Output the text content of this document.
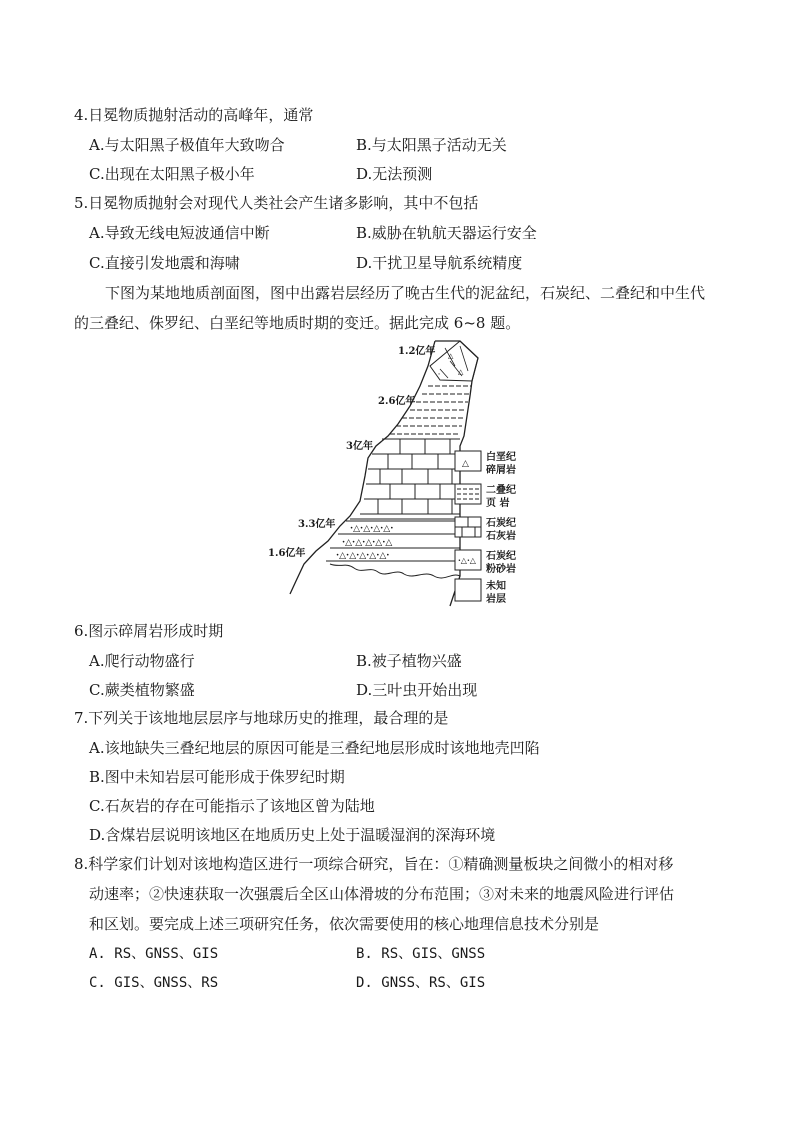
4.日冕物质抛射活动的高峰年，通常
A.与太阳黑子极值年大致吻合	B.与太阳黑子活动无关
C.出现在太阳黑子极小年	D.无法预测
5.日冕物质抛射会对现代人类社会产生诸多影响，其中不包括
A.导致无线电短波通信中断	B.威胁在轨航天器运行安全
C.直接引发地震和海啸	D.干扰卫星导航系统精度
下图为某地地质剖面图，图中出露岩层经历了晚古生代的泥盆纪，石炭纪、二叠纪和中生代
的三叠纪、侏罗纪、白垩纪等地质时期的变迁。据此完成 6~8 题。
△
△
·
·△·△·△·△·
·△·△·△·△·△
·△·△·△·△·△·
1.2亿年
2.6亿年
3亿年
3.3亿年
1.6亿年
△
白垩纪
碎屑岩
二叠纪
页 岩
石炭纪
石灰岩
·△·△ 石炭纪
粉砂岩
未知
岩层
6.图示碎屑岩形成时期
A.爬行动物盛行	B.被子植物兴盛
C.蕨类植物繁盛	D.三叶虫开始出现
7.下列关于该地地层层序与地球历史的推理，最合理的是
A.该地缺失三叠纪地层的原因可能是三叠纪地层形成时该地地壳凹陷
B.图中未知岩层可能形成于侏罗纪时期
C.石灰岩的存在可能指示了该地区曾为陆地
D.含煤岩层说明该地区在地质历史上处于温暖湿润的深海环境
8.科学家们计划对该地构造区进行一项综合研究，旨在：①精确测量板块之间微小的相对移
动速率；②快速获取一次强震后全区山体滑坡的分布范围；③对未来的地震风险进行评估
和区划。要完成上述三项研究任务，依次需要使用的核心地理信息技术分别是
A. RS、GNSS、GIS	B. RS、GIS、GNSS
C. GIS、GNSS、RS	D. GNSS、RS、GIS
